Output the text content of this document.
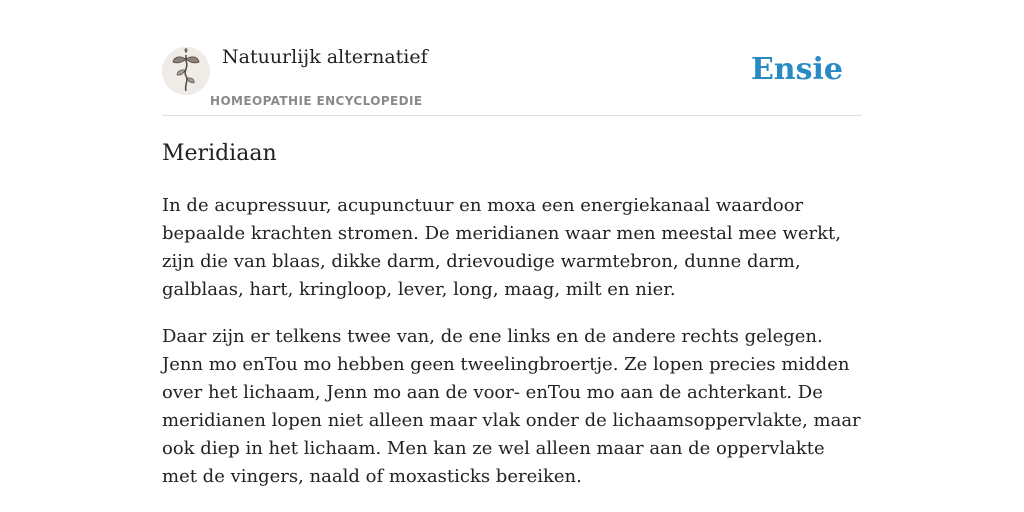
Natuurlijk alternatief
HOMEOPATHIE ENCYCLOPEDIE
Ensie
Meridiaan

In de acupressuur, acupunctuur en moxa een energiekanaal waardoor bepaalde krachten stromen. De meridianen waar men meestal mee werkt, zijn die van blaas, dikke darm, drievoudige warmtebron, dunne darm, galblaas, hart, kringloop, lever, long, maag, milt en nier.

Daar zijn er telkens twee van, de ene links en de andere rechts gelegen. Jenn mo enTou mo hebben geen tweelingbroertje. Ze lopen precies midden over het lichaam, Jenn mo aan de voor- enTou mo aan de achterkant. De meridianen lopen niet alleen maar vlak onder de lichaamsoppervlakte, maar ook diep in het lichaam. Men kan ze wel alleen maar aan de oppervlakte met de vingers, naald of moxasticks bereiken.
